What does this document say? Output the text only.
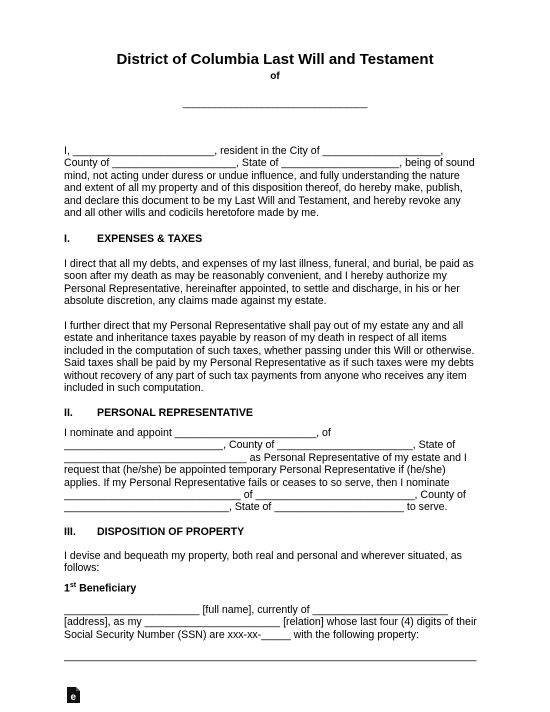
District of Columbia Last Will and Testament
of
___________________________________

I, ________________________, resident in the City of ____________________,
County of _____________________, State of ____________________, being of sound
mind, not acting under duress or undue influence, and fully understanding the nature
and extent of all my property and of this disposition thereof, do hereby make, publish,
and declare this document to be my Last Will and Testament, and hereby revoke any
and all other wills and codicils heretofore made by me.

I.	EXPENSES & TAXES

I direct that all my debts, and expenses of my last illness, funeral, and burial, be paid as
soon after my death as may be reasonably convenient, and I hereby authorize my
Personal Representative, hereinafter appointed, to settle and discharge, in his or her
absolute discretion, any claims made against my estate.

I further direct that my Personal Representative shall pay out of my estate any and all
estate and inheritance taxes payable by reason of my death in respect of all items
included in the computation of such taxes, whether passing under this Will or otherwise.
Said taxes shall be paid by my Personal Representative as if such taxes were my debts
without recovery of any part of such tax payments from anyone who receives any item
included in such computation.

II. PERSONAL REPRESENTATIVE

I nominate and appoint ________________________, of
___________________________, County of _______________________, State of
_______________________________ as Personal Representative of my estate and I
request that (he/she) be appointed temporary Personal Representative if (he/she)
applies. If my Personal Representative fails or ceases to so serve, then I nominate
______________________________ of ___________________________, County of
____________________________, State of ______________________ to serve.

III. DISPOSITION OF PROPERTY

I devise and bequeath my property, both real and personal and wherever situated, as
follows:

1st Beneficiary

_______________________ [full name], currently of _______________________
[address], as my _______________________ [relation] whose last four (4) digits of their
Social Security Number (SSN) are xxx-xx-_____ with the following property:

______________________________________________________________________

e
